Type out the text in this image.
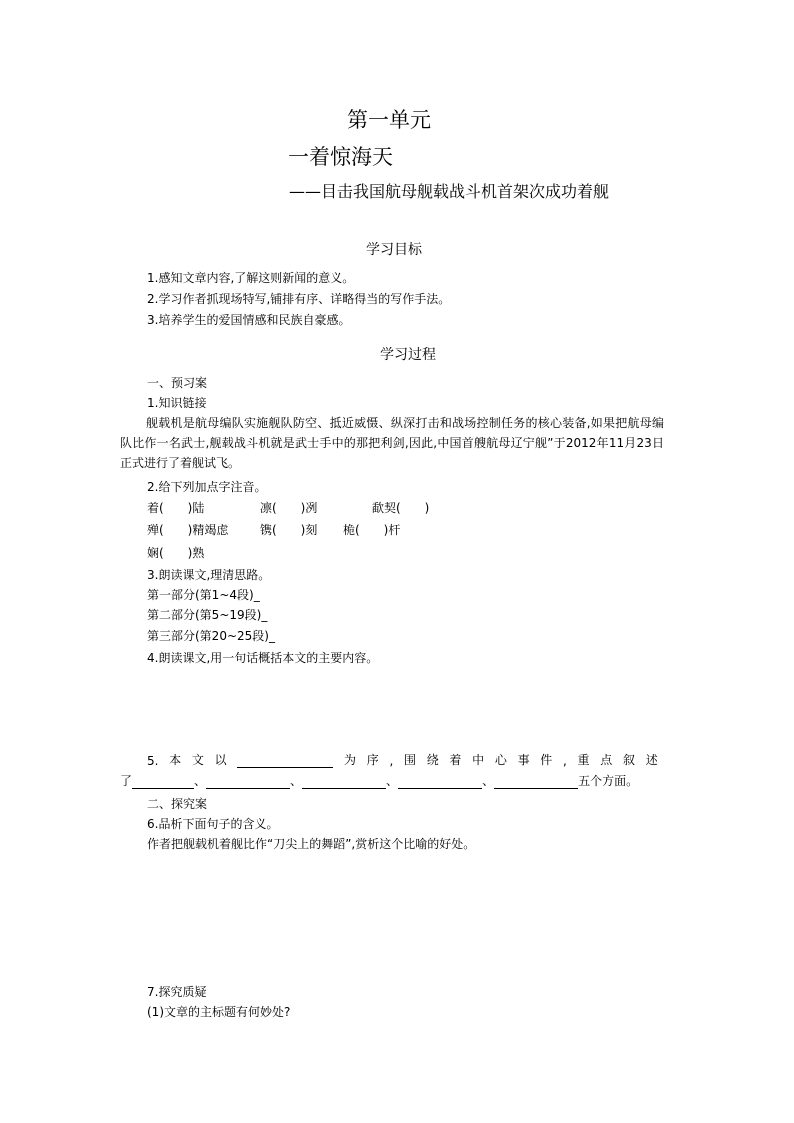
第一单元
一着惊海天
——目击我国航母舰载战斗机首架次成功着舰
学习目标
1.感知文章内容,了解这则新闻的意义。
2.学习作者抓现场特写,铺排有序、详略得当的写作手法。
3.培养学生的爱国情感和民族自豪感。
学习过程
一、预习案
1.知识链接
舰载机是航母编队实施舰队防空、抵近威慑、纵深打击和战场控制任务的核心装备,如果把航母编队比作一名武士,舰载战斗机就是武士手中的那把利剑,因此,中国首艘航母辽宁舰”于2012年11月23日正式进行了着舰试飞。
2.给下列加点字注音。
着(　　)陆	凛(　　)冽	歃契(　　)
殚(　　)精竭虑	镌(　　)刻 桅(　　)杆
娴(　　)熟
3.朗读课文,理清思路。
第一部分(第1~4段)_
第二部分(第5~19段)_
第三部分(第20~25段)_
4.朗读课文,用一句话概括本文的主要内容。
5. 本 文 以	为 序 , 围 绕 着 中 心 事 件 , 重 点 叙 述
了	、	、	、	、	五个方面。
二、探究案
6.品析下面句子的含义。
作者把舰载机着舰比作“刀尖上的舞蹈”,赏析这个比喻的好处。
7.探究质疑
(1)文章的主标题有何妙处?
